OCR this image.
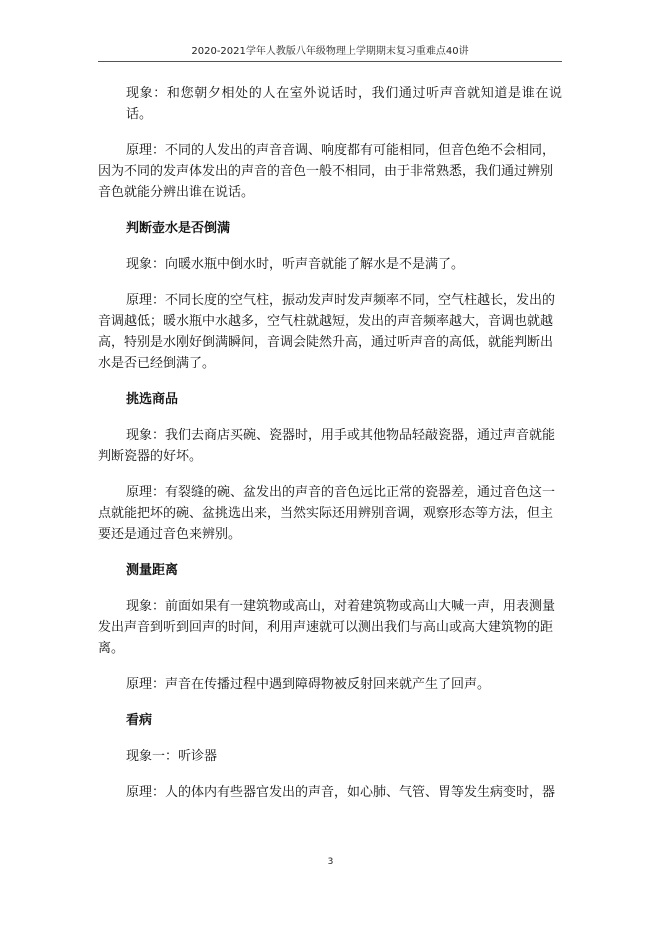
2020-2021学年人教版八年级物理上学期期末复习重难点40讲
现象：和您朝夕相处的人在室外说话时，我们通过听声音就知道是谁在说话。
原理：不同的人发出的声音音调、响度都有可能相同，但音色绝不会相同，
因为不同的发声体发出的声音的音色一般不相同，由于非常熟悉，我们通过辨别
音色就能分辨出谁在说话。
判断壶水是否倒满
现象：向暖水瓶中倒水时，听声音就能了解水是不是满了。
原理：不同长度的空气柱，振动发声时发声频率不同，空气柱越长，发出的
音调越低；暖水瓶中水越多，空气柱就越短，发出的声音频率越大，音调也就越
高，特别是水刚好倒满瞬间，音调会陡然升高，通过听声音的高低，就能判断出
水是否已经倒满了。
挑选商品
现象：我们去商店买碗、瓷器时，用手或其他物品轻敲瓷器，通过声音就能
判断瓷器的好坏。
原理：有裂缝的碗、盆发出的声音的音色远比正常的瓷器差，通过音色这一
点就能把坏的碗、盆挑选出来，当然实际还用辨别音调，观察形态等方法，但主
要还是通过音色来辨别。
测量距离
现象：前面如果有一建筑物或高山，对着建筑物或高山大喊一声，用表测量
发出声音到听到回声的时间，利用声速就可以测出我们与高山或高大建筑物的距
离。
原理：声音在传播过程中遇到障碍物被反射回来就产生了回声。
看病
现象一：听诊器
原理：人的体内有些器官发出的声音，如心肺、气管、胃等发生病变时，器
3
